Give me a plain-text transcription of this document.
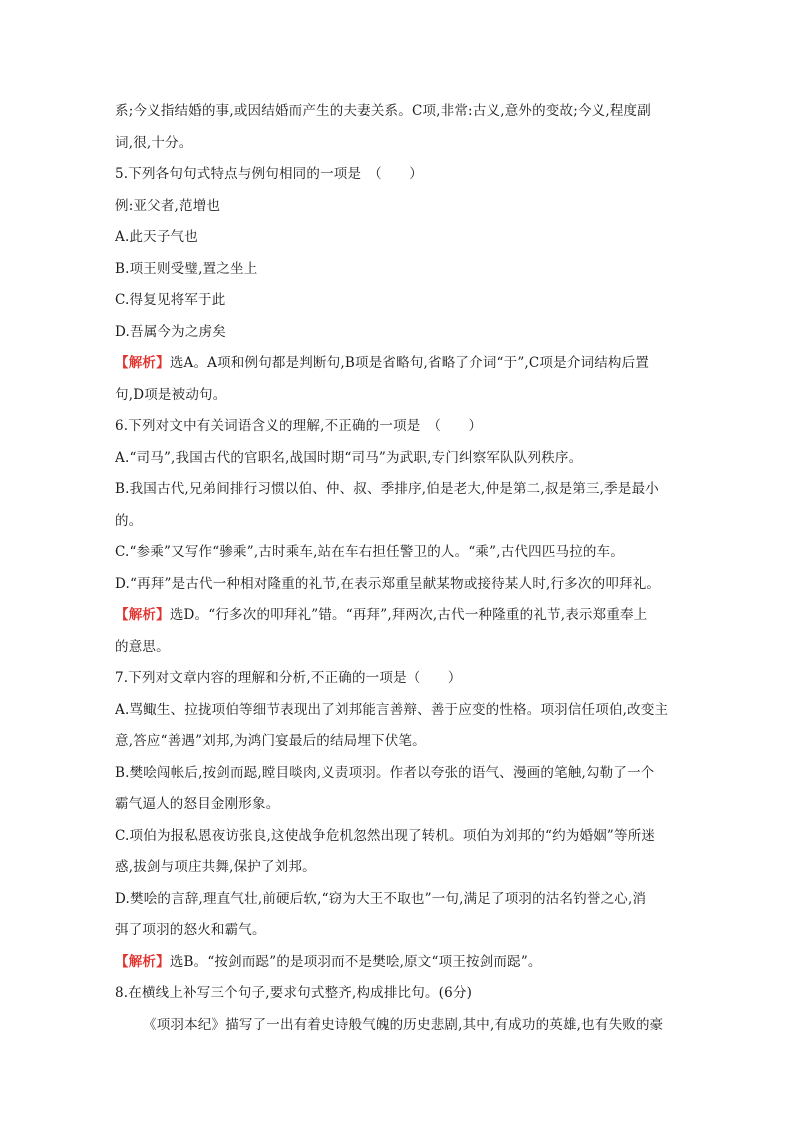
系;今义指结婚的事,或因结婚而产生的夫妻关系。C项,非常:古义,意外的变故;今义,程度副
词,很,十分。
5.下列各句句式特点与例句相同的一项是　（　　）
例:亚父者,范增也
A.此天子气也
B.项王则受璧,置之坐上
C.得复见将军于此
D.吾属今为之虏矣
【解析】选A。A项和例句都是判断句,B项是省略句,省略了介词“于”,C项是介词结构后置
句,D项是被动句。
6.下列对文中有关词语含义的理解,不正确的一项是　（　　）
A.“司马”,我国古代的官职名,战国时期“司马”为武职,专门纠察军队队列秩序。
B.我国古代,兄弟间排行习惯以伯、仲、叔、季排序,伯是老大,仲是第二,叔是第三,季是最小
的。
C.“参乘”又写作“骖乘”,古时乘车,站在车右担任警卫的人。“乘”,古代四匹马拉的车。
D.“再拜”是古代一种相对隆重的礼节,在表示郑重呈献某物或接待某人时,行多次的叩拜礼。
【解析】选D。“行多次的叩拜礼”错。“再拜”,拜两次,古代一种隆重的礼节,表示郑重奉上
的意思。
7.下列对文章内容的理解和分析,不正确的一项是（　　）
A.骂鲰生、拉拢项伯等细节表现出了刘邦能言善辩、善于应变的性格。项羽信任项伯,改变主
意,答应“善遇”刘邦,为鸿门宴最后的结局埋下伏笔。
B.樊哙闯帐后,按剑而跽,瞠目啖肉,义责项羽。作者以夸张的语气、漫画的笔触,勾勒了一个
霸气逼人的怒目金刚形象。
C.项伯为报私恩夜访张良,这使战争危机忽然出现了转机。项伯为刘邦的“约为婚姻”等所迷
惑,拔剑与项庄共舞,保护了刘邦。
D.樊哙的言辞,理直气壮,前硬后软,“窃为大王不取也”一句,满足了项羽的沽名钓誉之心,消
弭了项羽的怒火和霸气。
【解析】选B。“按剑而跽”的是项羽而不是樊哙,原文“项王按剑而跽”。
8.在横线上补写三个句子,要求句式整齐,构成排比句。(6分)
《项羽本纪》描写了一出有着史诗般气魄的历史悲剧,其中,有成功的英雄,也有失败的豪
